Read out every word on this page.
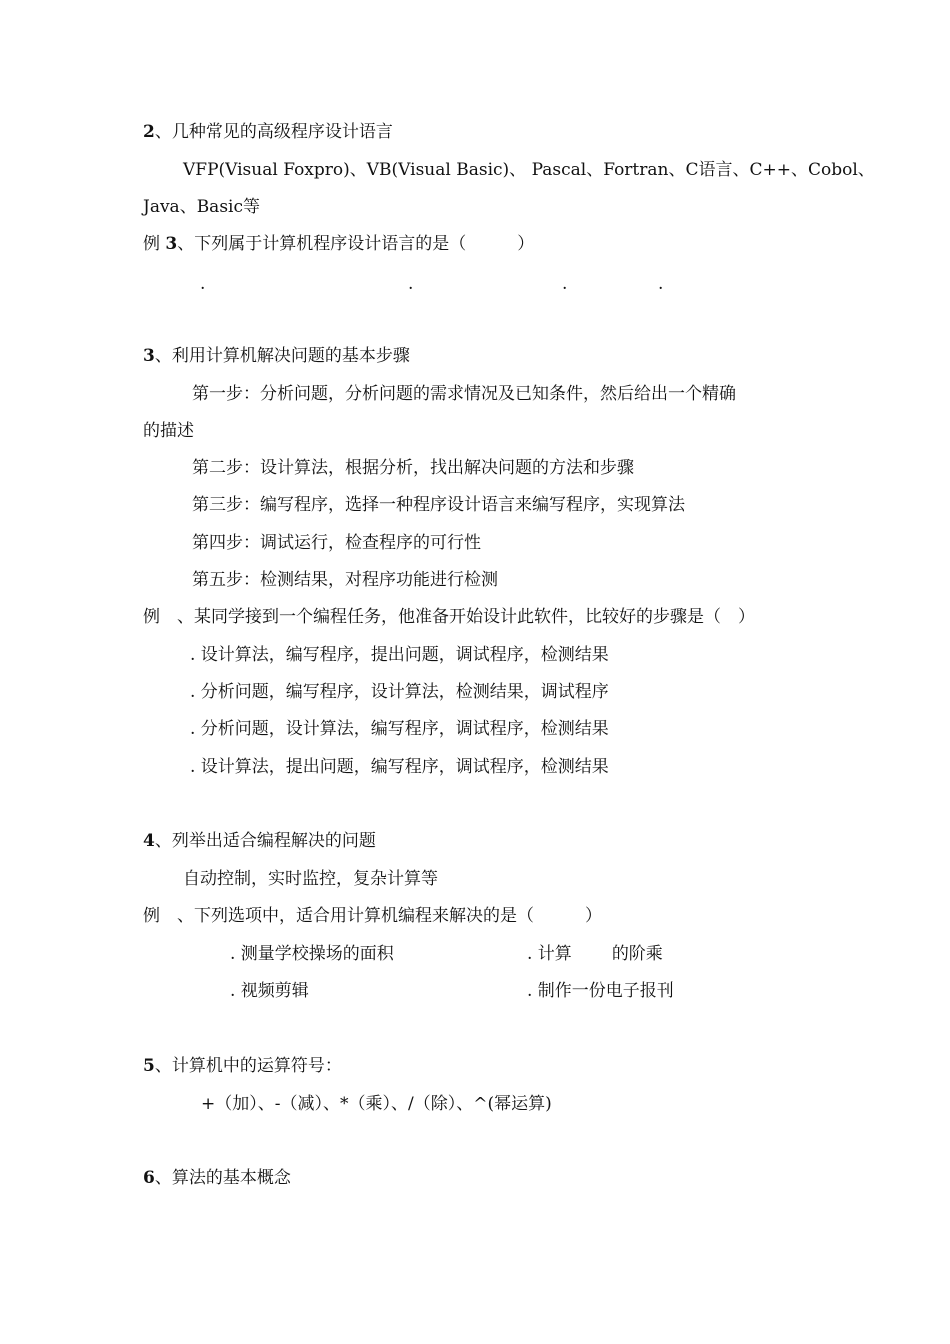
2、几种常见的高级程序设计语言
VFP(Visual Foxpro)、VB(Visual Basic)、 Pascal、Fortran、C语言、C++、Cobol、
Java、Basic等
例 3、下列属于计算机程序设计语言的是（　　　）
.	.	.	.
3、利用计算机解决问题的基本步骤
第一步：分析问题，分析问题的需求情况及已知条件，然后给出一个精确
的描述
第二步：设计算法，根据分析，找出解决问题的方法和步骤
第三步：编写程序，选择一种程序设计语言来编写程序，实现算法
第四步：调试运行，检查程序的可行性
第五步：检测结果，对程序功能进行检测
例　、某同学接到一个编程任务，他准备开始设计此软件，比较好的步骤是（　）
. 设计算法，编写程序，提出问题，调试程序，检测结果
. 分析问题，编写程序，设计算法，检测结果，调试程序
. 分析问题，设计算法，编写程序，调试程序，检测结果
. 设计算法，提出问题，编写程序，调试程序，检测结果
4、列举出适合编程解决的问题
自动控制，实时监控，复杂计算等
例　、下列选项中，适合用计算机编程来解决的是（　　　）
. 测量学校操场的面积	. 计算 的阶乘
. 视频剪辑	. 制作一份电子报刊
5、计算机中的运算符号：
+（加）、-（减）、*（乘）、/（除）、^(幂运算)
6、算法的基本概念
